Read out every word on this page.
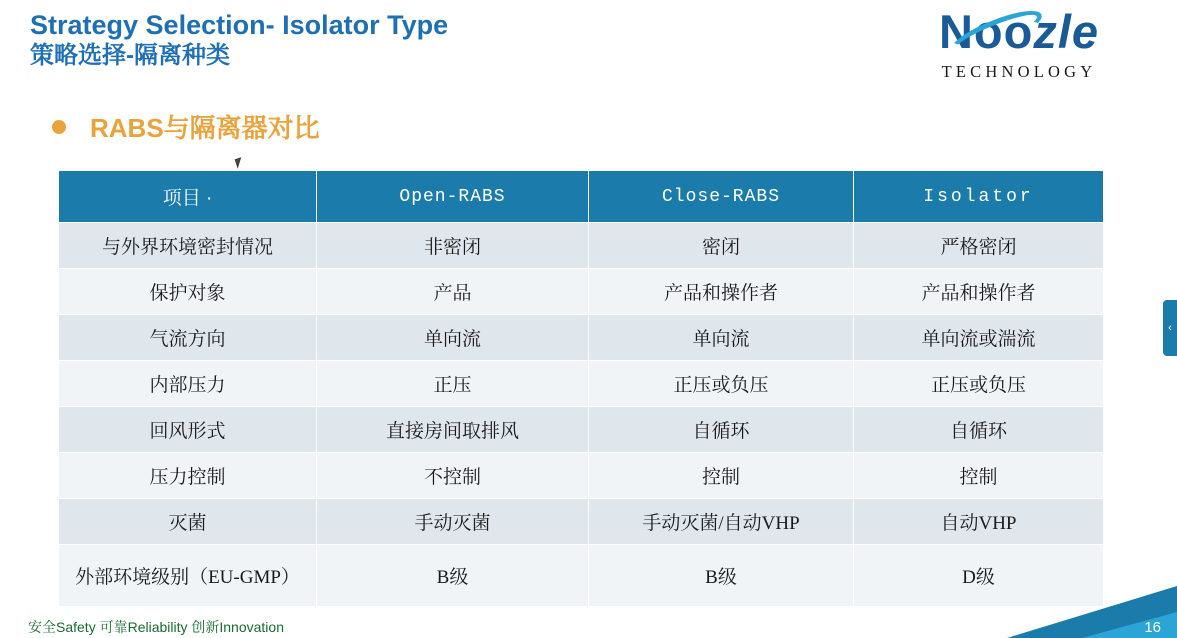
Strategy Selection- Isolator Type
策略选择-隔离种类	Noozle
TECHNOLOGY
RABS与隔离器对比
项目 ·	Open-RABS	Close-RABS	Isolator
与外界环境密封情况	非密闭	密闭	严格密闭
保护对象	产品	产品和操作者	产品和操作者
气流方向	单向流	单向流	单向流或湍流
内部压力	正压	正压或负压	正压或负压
回风形式	直接房间取排风	自循环	自循环
压力控制	不控制	控制	控制
灭菌	手动灭菌	手动灭菌/自动VHP	自动VHP
外部环境级别（EU-GMP）	B级	B级	D级
安全Safety 可靠Reliability 创新Innovation	16
‹
